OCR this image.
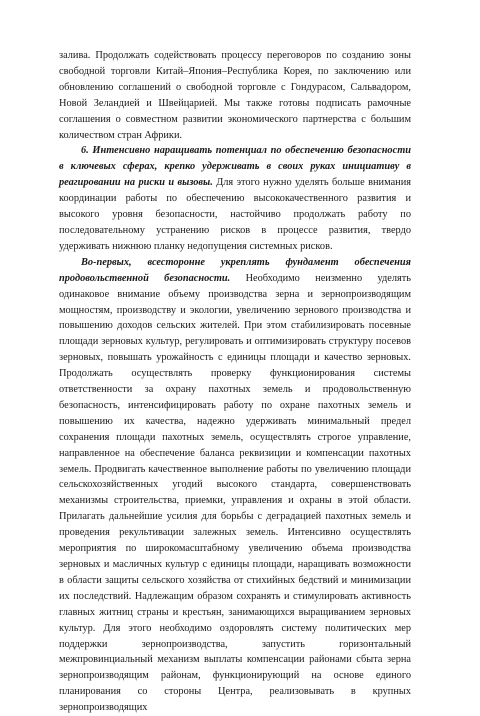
залива. Продолжать содействовать процессу переговоров по созданию зоны свободной торговли Китай–Япония–Республика Корея, по заключению или обновлению соглашений о свободной торговле с Гондурасом, Сальвадором, Новой Зеландией и Швейцарией. Мы также готовы подписать рамочные соглашения о совместном развитии экономического партнерства с большим количеством стран Африки.

6. Интенсивно наращивать потенциал по обеспечению безопасности в ключевых сферах, крепко удерживать в своих руках инициативу в реагировании на риски и вызовы. Для этого нужно уделять больше внимания координации работы по обеспечению высококачественного развития и высокого уровня безопасности, настойчиво продолжать работу по последовательному устранению рисков в процессе развития, твердо удерживать нижнюю планку недопущения системных рисков.

Во-первых, всесторонне укреплять фундамент обеспечения продовольственной безопасности. Необходимо неизменно уделять одинаковое внимание объему производства зерна и зернопроизводящим мощностям, производству и экологии, увеличению зернового производства и повышению доходов сельских жителей. При этом стабилизировать посевные площади зерновых культур, регулировать и оптимизировать структуру посевов зерновых, повышать урожайность с единицы площади и качество зерновых. Продолжать осуществлять проверку функционирования системы ответственности за охрану пахотных земель и продовольственную безопасность, интенсифицировать работу по охране пахотных земель и повышению их качества, надежно удерживать минимальный предел сохранения площади пахотных земель, осуществлять строгое управление, направленное на обеспечение баланса реквизиции и компенсации пахотных земель. Продвигать качественное выполнение работы по увеличению площади сельскохозяйственных угодий высокого стандарта, совершенствовать механизмы строительства, приемки, управления и охраны в этой области. Прилагать дальнейшие усилия для борьбы с деградацией пахотных земель и проведения рекультивации залежных земель. Интенсивно осуществлять мероприятия по широкомасштабному увеличению объема производства зерновых и масличных культур с единицы площади, наращивать возможности в области защиты сельского хозяйства от стихийных бедствий и минимизации их последствий. Надлежащим образом сохранять и стимулировать активность главных житниц страны и крестьян, занимающихся выращиванием зерновых культур. Для этого необходимо оздоровлять систему политических мер поддержки зернопроизводства, запустить горизонтальный межпровинциальный механизм выплаты компенсации районами сбыта зерна зернопроизводящим районам, функционирующий на основе единого планирования со стороны Центра, реализовывать в крупных зернопроизводящих
